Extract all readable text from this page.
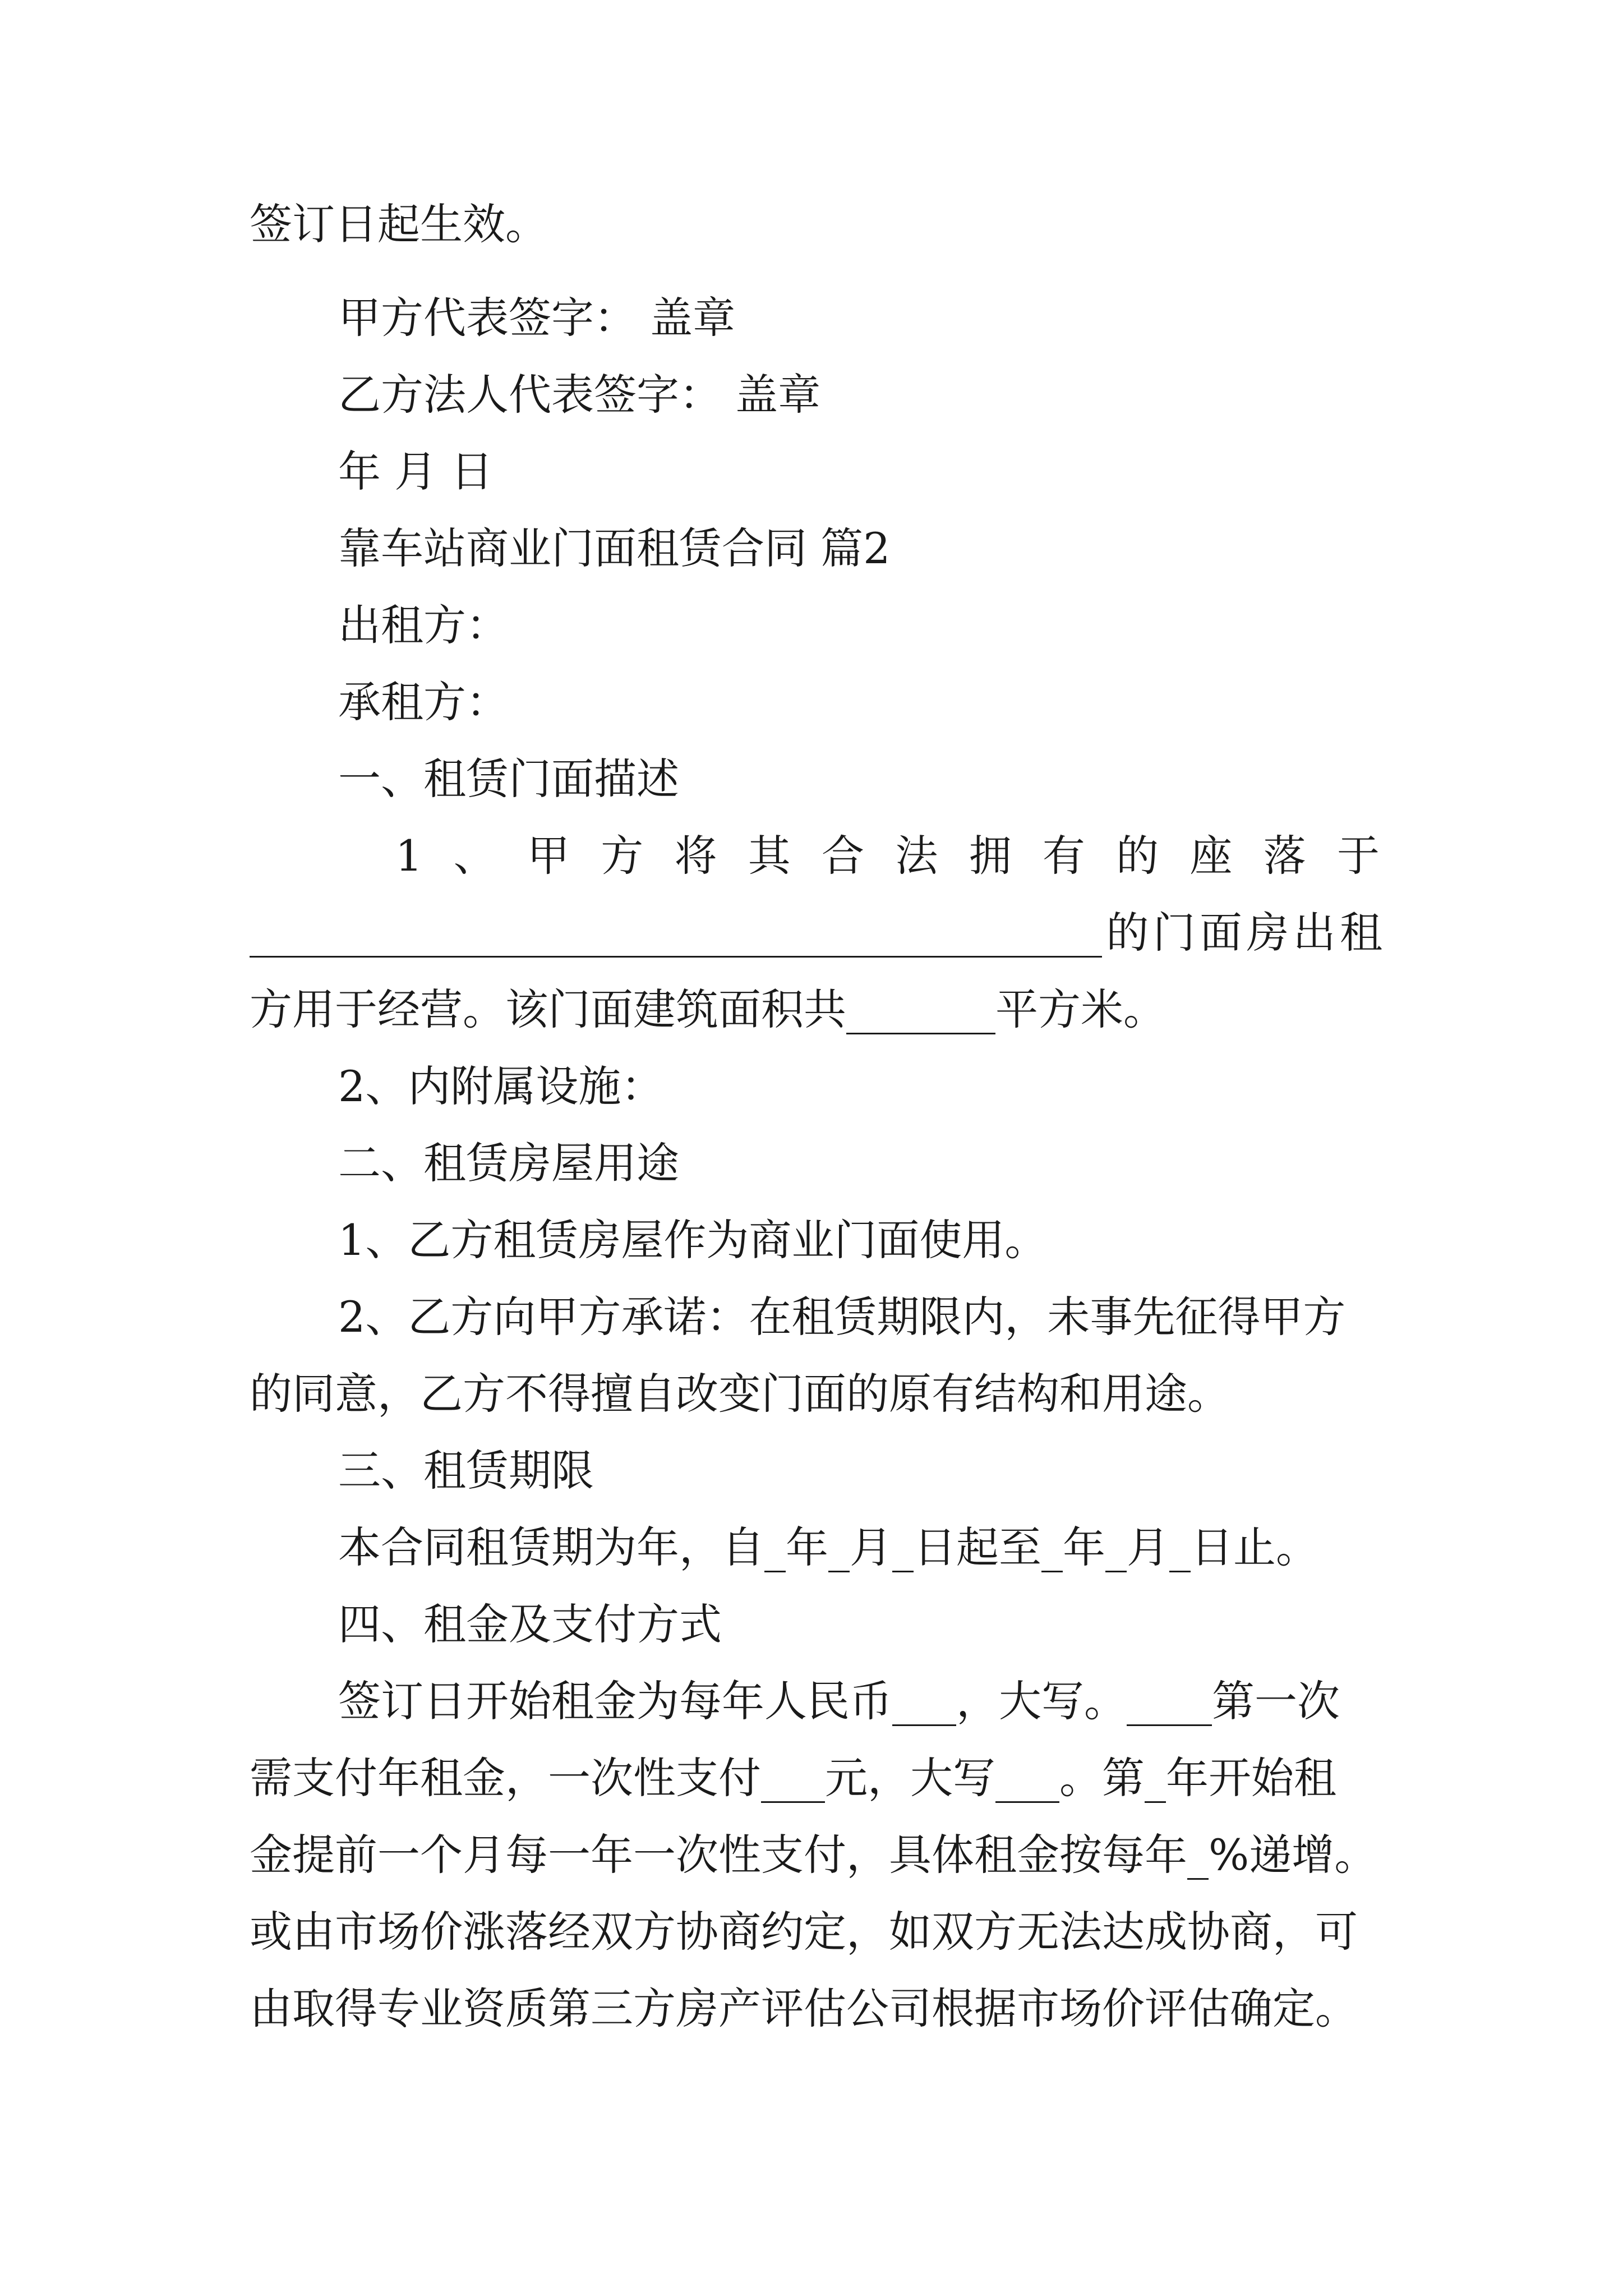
签订日起生效。
甲方代表签字： 盖章
乙方法人代表签字： 盖章
年 月 日
靠车站商业门面租赁合同 篇2
出租方：
承租方：
一、租赁门面描述
1、甲方将其合法拥有的座落于
________________________________________的门面房出租
方用于经营。该门面建筑面积共_______平方米。
2、内附属设施：
二、租赁房屋用途
1、乙方租赁房屋作为商业门面使用。
2、乙方向甲方承诺：在租赁期限内，未事先征得甲方
的同意，乙方不得擅自改变门面的原有结构和用途。
三、租赁期限
本合同租赁期为年，自_年_月_日起至_年_月_日止。
四、租金及支付方式
签订日开始租金为每年人民币___，大写。____第一次
需支付年租金，一次性支付___元，大写___。第_年开始租
金提前一个月每一年一次性支付，具体租金按每年_%递增。
或由市场价涨落经双方协商约定，如双方无法达成协商，可
由取得专业资质第三方房产评估公司根据市场价评估确定。
